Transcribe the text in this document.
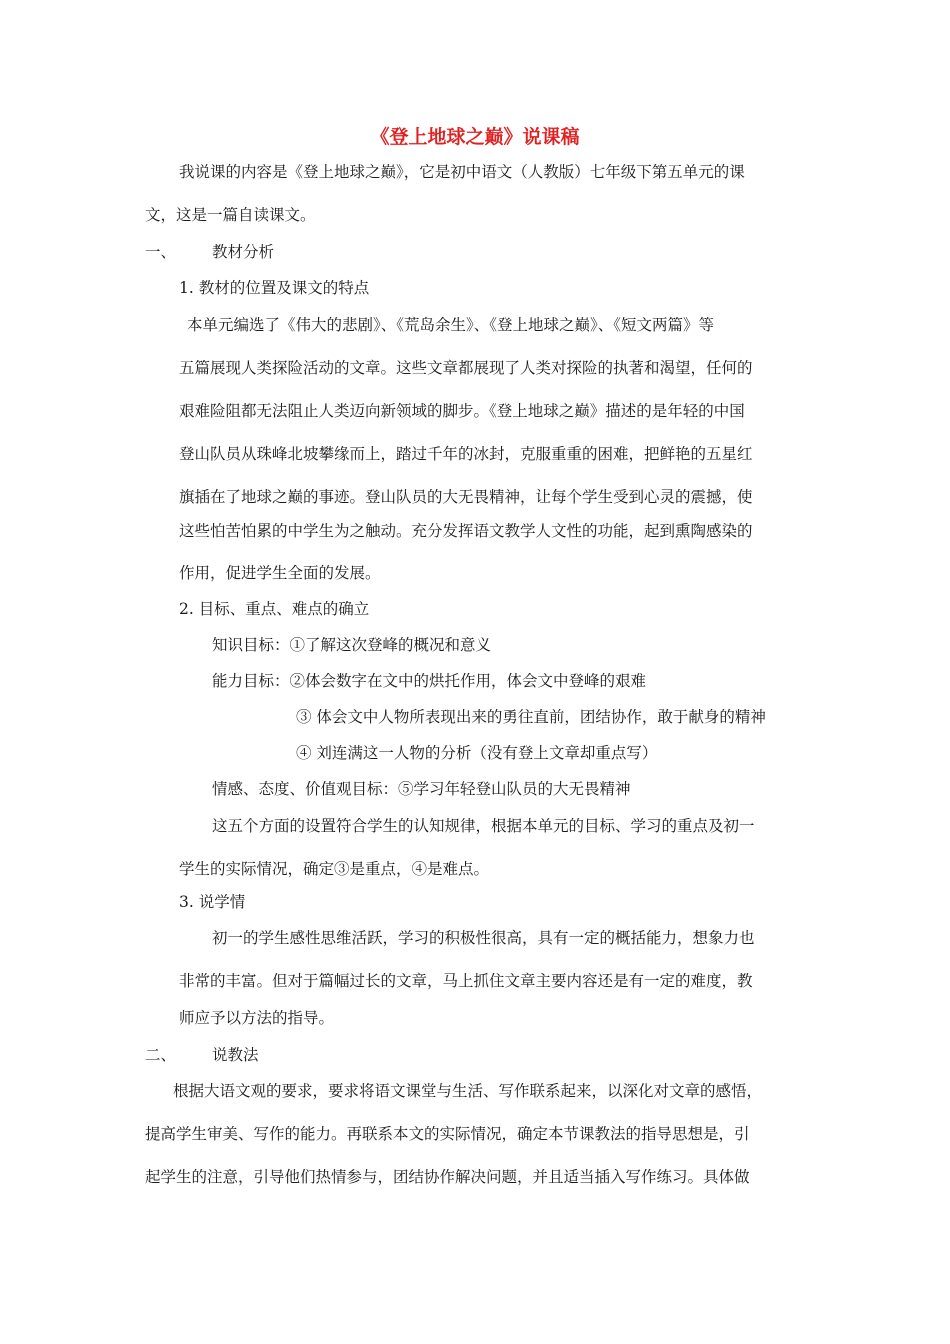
《登上地球之巅》说课稿

我说课的内容是《登上地球之巅》，它是初中语文（人教版）七年级下第五单元的课

文，这是一篇自读课文。

一、 教材分析

1. 教材的位置及课文的特点

本单元编选了《伟大的悲剧》、《荒岛余生》、《登上地球之巅》、《短文两篇》等

五篇展现人类探险活动的文章。这些文章都展现了人类对探险的执著和渴望，任何的

艰难险阻都无法阻止人类迈向新领域的脚步。《登上地球之巅》描述的是年轻的中国

登山队员从珠峰北坡攀缘而上，踏过千年的冰封，克服重重的困难，把鲜艳的五星红

旗插在了地球之巅的事迹。登山队员的大无畏精神，让每个学生受到心灵的震撼，使

这些怕苦怕累的中学生为之触动。充分发挥语文教学人文性的功能，起到熏陶感染的

作用，促进学生全面的发展。

2. 目标、重点、难点的确立

知识目标：①了解这次登峰的概况和意义

能力目标：②体会数字在文中的烘托作用，体会文中登峰的艰难

③ 体会文中人物所表现出来的勇往直前，团结协作，敢于献身的精神

④ 刘连满这一人物的分析（没有登上文章却重点写）

情感、态度、价值观目标：⑤学习年轻登山队员的大无畏精神

这五个方面的设置符合学生的认知规律，根据本单元的目标、学习的重点及初一

学生的实际情况，确定③是重点，④是难点。

3. 说学情

初一的学生感性思维活跃，学习的积极性很高，具有一定的概括能力，想象力也

非常的丰富。但对于篇幅过长的文章，马上抓住文章主要内容还是有一定的难度，教

师应予以方法的指导。

二、 说教法

根据大语文观的要求，要求将语文课堂与生活、写作联系起来，以深化对文章的感悟，

提高学生审美、写作的能力。再联系本文的实际情况，确定本节课教法的指导思想是，引

起学生的注意，引导他们热情参与，团结协作解决问题，并且适当插入写作练习。具体做
